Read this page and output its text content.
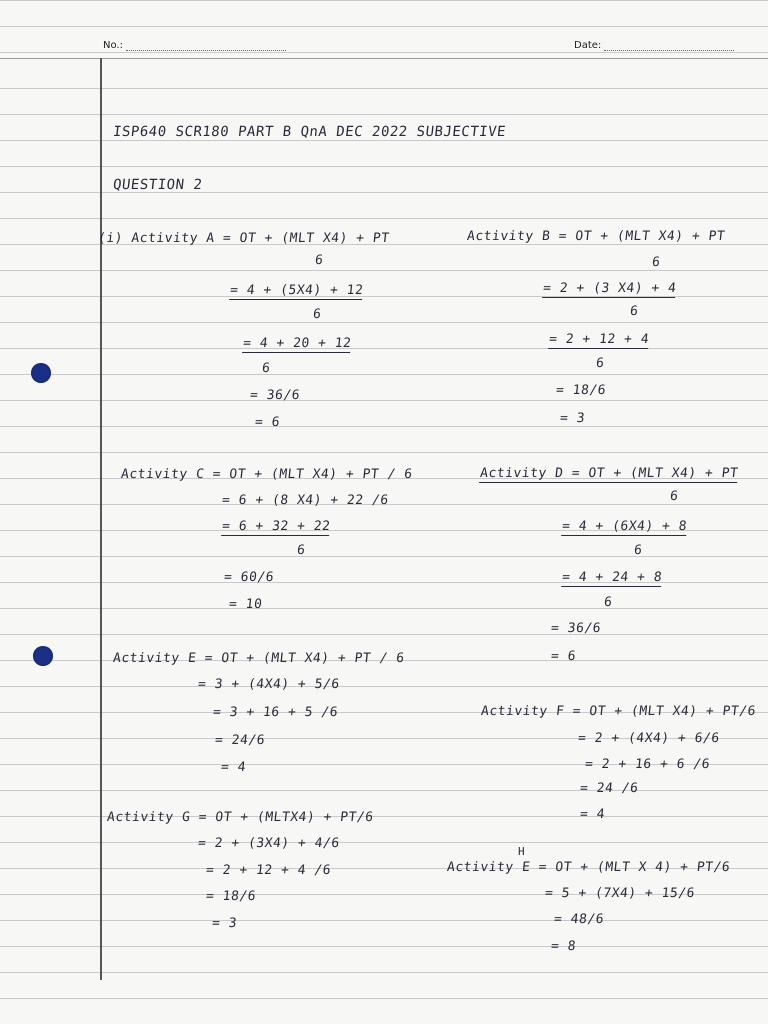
No.:	Date:
ISP640 SCR180 PART B QnA DEC 2022 SUBJECTIVE
QUESTION 2
(i) Activity A = OT + (MLT X4) + PT
6
= 4 + (5X4) + 12
6
= 4 + 20 + 12
6
= 36/6
= 6
Activity B = OT + (MLT X4) + PT
6
= 2 + (3 X4) + 4
6
= 2 + 12 + 4
6
= 18/6
= 3
Activity C = OT + (MLT X4) + PT / 6
= 6 + (8 X4) + 22 /6
= 6 + 32 + 22
6
= 60/6
= 10
Activity D = OT + (MLT X4) + PT
6
= 4 + (6X4) + 8
6
= 4 + 24 + 8
6
= 36/6
= 6
Activity E = OT + (MLT X4) + PT / 6
= 3 + (4X4) + 5/6
= 3 + 16 + 5 /6
= 24/6
= 4
Activity F = OT + (MLT X4) + PT/6
= 2 + (4X4) + 6/6
= 2 + 16 + 6 /6
= 24 /6
= 4
Activity G = OT + (MLTX4) + PT/6
= 2 + (3X4) + 4/6
= 2 + 12 + 4 /6
= 18/6
= 3
H
Activity E = OT + (MLT X 4) + PT/6
= 5 + (7X4) + 15/6
= 48/6
= 8
